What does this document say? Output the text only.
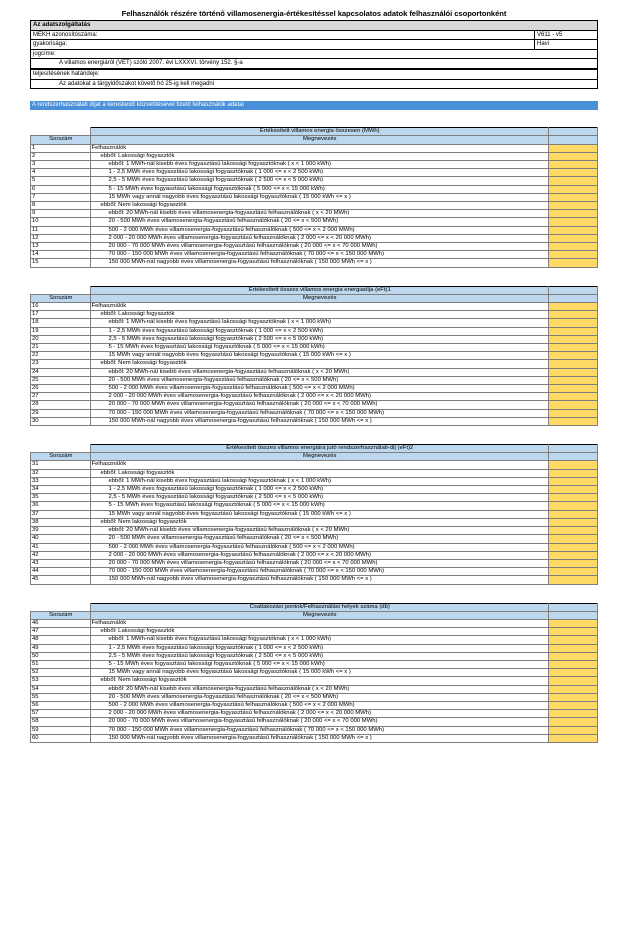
Felhasználók részére történő villamosenergia-értékesítéssel kapcsolatos adatok felhasználói csoportonként
Az adatszolgáltatás
MEKH azonosítószáma:	V611 - v5
gyakorisága:	Havi
jogcíme:
A villamos energiáról (VET) szóló 2007. évi LXXXVI. törvény 152. §-a
teljesítésének határideje:
Az adatokat a tárgyidőszakot követő hó 25-ig kell megadni
A rendszerhasználati díjat a kereskedő közvetítésével fizető felhasználók adatai
	Értékesített villamos energia összesen (MWh)	
Sorszám	Megnevezés	
1	Felhasználók	
2	ebből: Lakossági fogyasztók	
3	ebből: 1 MWh-nál kisebb éves fogyasztású lakossági fogyasztóknak ( x < 1 000 kWh)	
4	1 - 2,5 MWh éves fogyasztású lakossági fogyasztóknak ( 1 000 <= x < 2 500 kWh)	
5	2,5 - 5 MWh éves fogyasztású lakossági fogyasztóknak ( 2 500 <= x < 5 000 kWh)	
6	5 - 15 MWh éves fogyasztású lakossági fogyasztóknak ( 5 000 <= x < 15 000 kWh)	
7	15 MWh vagy annál nagyobb éves fogyasztású lakossági fogyasztóknak ( 15 000 kWh <= x )	
8	ebből: Nem lakossági fogyasztók	
9	ebből: 20 MWh-nál kisebb éves villamosenergia-fogyasztású felhasználóknak ( x < 20 MWh)	
10	20 - 500 MWh éves villamosenergia-fogyasztású felhasználóknak ( 20 <= x < 500 MWh)	
11	500 - 2 000 MWh éves villamosenergia-fogyasztású felhasználóknak ( 500 <= x < 2 000 MWh)	
12	2 000 - 20 000 MWh éves villamosenergia-fogyasztású felhasználóknak ( 2 000 <= x < 20 000 MWh)	
13	20 000 - 70 000 MWh éves villamosenergia-fogyasztású felhasználóknak ( 20 000 <= x < 70 000 MWh)	
14	70 000 - 150 000 MWh éves villamosenergia-fogyasztású felhasználóknak ( 70 000 <= x < 150 000 MWh)	
15	150 000 MWh-nál nagyobb éves villamosenergia-fogyasztású felhasználóknak ( 150 000 MWh <= x )	
	Értékesített összes villamos energia energiadíja (eFt)1	
Sorszám	Megnevezés	
16	Felhasználók	
17	ebből: Lakossági fogyasztók	
18	ebből: 1 MWh-nál kisebb éves fogyasztású lakossági fogyasztóknak ( x < 1 000 kWh)	
19	1 - 2,5 MWh éves fogyasztású lakossági fogyasztóknak ( 1 000 <= x < 2 500 kWh)	
20	2,5 - 5 MWh éves fogyasztású lakossági fogyasztóknak ( 2 500 <= x < 5 000 kWh)	
21	5 - 15 MWh éves fogyasztású lakossági fogyasztóknak ( 5 000 <= x < 15 000 kWh)	
22	15 MWh vagy annál nagyobb éves fogyasztású lakossági fogyasztóknak ( 15 000 kWh <= x )	
23	ebből: Nem lakossági fogyasztók	
24	ebből: 20 MWh-nál kisebb éves villamosenergia-fogyasztású felhasználóknak ( x < 20 MWh)	
25	20 - 500 MWh éves villamosenergia-fogyasztású felhasználóknak ( 20 <= x < 500 MWh)	
26	500 - 2 000 MWh éves villamosenergia-fogyasztású felhasználóknak ( 500 <= x < 2 000 MWh)	
27	2 000 - 20 000 MWh éves villamosenergia-fogyasztású felhasználóknak ( 2 000 <= x < 20 000 MWh)	
28	20 000 - 70 000 MWh éves villamosenergia-fogyasztású felhasználóknak ( 20 000 <= x < 70 000 MWh)	
29	70 000 - 150 000 MWh éves villamosenergia-fogyasztású felhasználóknak ( 70 000 <= x < 150 000 MWh)	
30	150 000 MWh-nál nagyobb éves villamosenergia-fogyasztású felhasználóknak ( 150 000 MWh <= x )	
	Értékesített összes villamos energiára jutó rendszerhasználati-díj (eFt)2	
Sorszám	Megnevezés	
31	Felhasználók	
32	ebből: Lakossági fogyasztók	
33	ebből: 1 MWh-nál kisebb éves fogyasztású lakossági fogyasztóknak ( x < 1 000 kWh)	
34	1 - 2,5 MWh éves fogyasztású lakossági fogyasztóknak ( 1 000 <= x < 2 500 kWh)	
35	2,5 - 5 MWh éves fogyasztású lakossági fogyasztóknak ( 2 500 <= x < 5 000 kWh)	
36	5 - 15 MWh éves fogyasztású lakossági fogyasztóknak ( 5 000 <= x < 15 000 kWh)	
37	15 MWh vagy annál nagyobb éves fogyasztású lakossági fogyasztóknak ( 15 000 kWh <= x )	
38	ebből: Nem lakossági fogyasztók	
39	ebből: 20 MWh-nál kisebb éves villamosenergia-fogyasztású felhasználóknak ( x < 20 MWh)	
40	20 - 500 MWh éves villamosenergia-fogyasztású felhasználóknak ( 20 <= x < 500 MWh)	
41	500 - 2 000 MWh éves villamosenergia-fogyasztású felhasználóknak ( 500 <= x < 2 000 MWh)	
42	2 000 - 20 000 MWh éves villamosenergia-fogyasztású felhasználóknak ( 2 000 <= x < 20 000 MWh)	
43	20 000 - 70 000 MWh éves villamosenergia-fogyasztású felhasználóknak ( 20 000 <= x < 70 000 MWh)	
44	70 000 - 150 000 MWh éves villamosenergia-fogyasztású felhasználóknak ( 70 000 <= x < 150 000 MWh)	
45	150 000 MWh-nál nagyobb éves villamosenergia-fogyasztású felhasználóknak ( 150 000 MWh <= x )	
	Csatlakozási pontok/Felhasználási helyek száma (db)	
Sorszám	Megnevezés	
46	Felhasználók	
47	ebből: Lakossági fogyasztók	
48	ebből: 1 MWh-nál kisebb éves fogyasztású lakossági fogyasztóknak ( x < 1 000 kWh)	
49	1 - 2,5 MWh éves fogyasztású lakossági fogyasztóknak ( 1 000 <= x < 2 500 kWh)	
50	2,5 - 5 MWh éves fogyasztású lakossági fogyasztóknak ( 2 500 <= x < 5 000 kWh)	
51	5 - 15 MWh éves fogyasztású lakossági fogyasztóknak ( 5 000 <= x < 15 000 kWh)	
52	15 MWh vagy annál nagyobb éves fogyasztású lakossági fogyasztóknak ( 15 000 kWh <= x )	
53	ebből: Nem lakossági fogyasztók	
54	ebből: 20 MWh-nál kisebb éves villamosenergia-fogyasztású felhasználóknak ( x < 20 MWh)	
55	20 - 500 MWh éves villamosenergia-fogyasztású felhasználóknak ( 20 <= x < 500 MWh)	
56	500 - 2 000 MWh éves villamosenergia-fogyasztású felhasználóknak ( 500 <= x < 2 000 MWh)	
57	2 000 - 20 000 MWh éves villamosenergia-fogyasztású felhasználóknak ( 2 000 <= x < 20 000 MWh)	
58	20 000 - 70 000 MWh éves villamosenergia-fogyasztású felhasználóknak ( 20 000 <= x < 70 000 MWh)	
59	70 000 - 150 000 MWh éves villamosenergia-fogyasztású felhasználóknak ( 70 000 <= x < 150 000 MWh)	
60	150 000 MWh-nál nagyobb éves villamosenergia-fogyasztású felhasználóknak ( 150 000 MWh <= x )	
